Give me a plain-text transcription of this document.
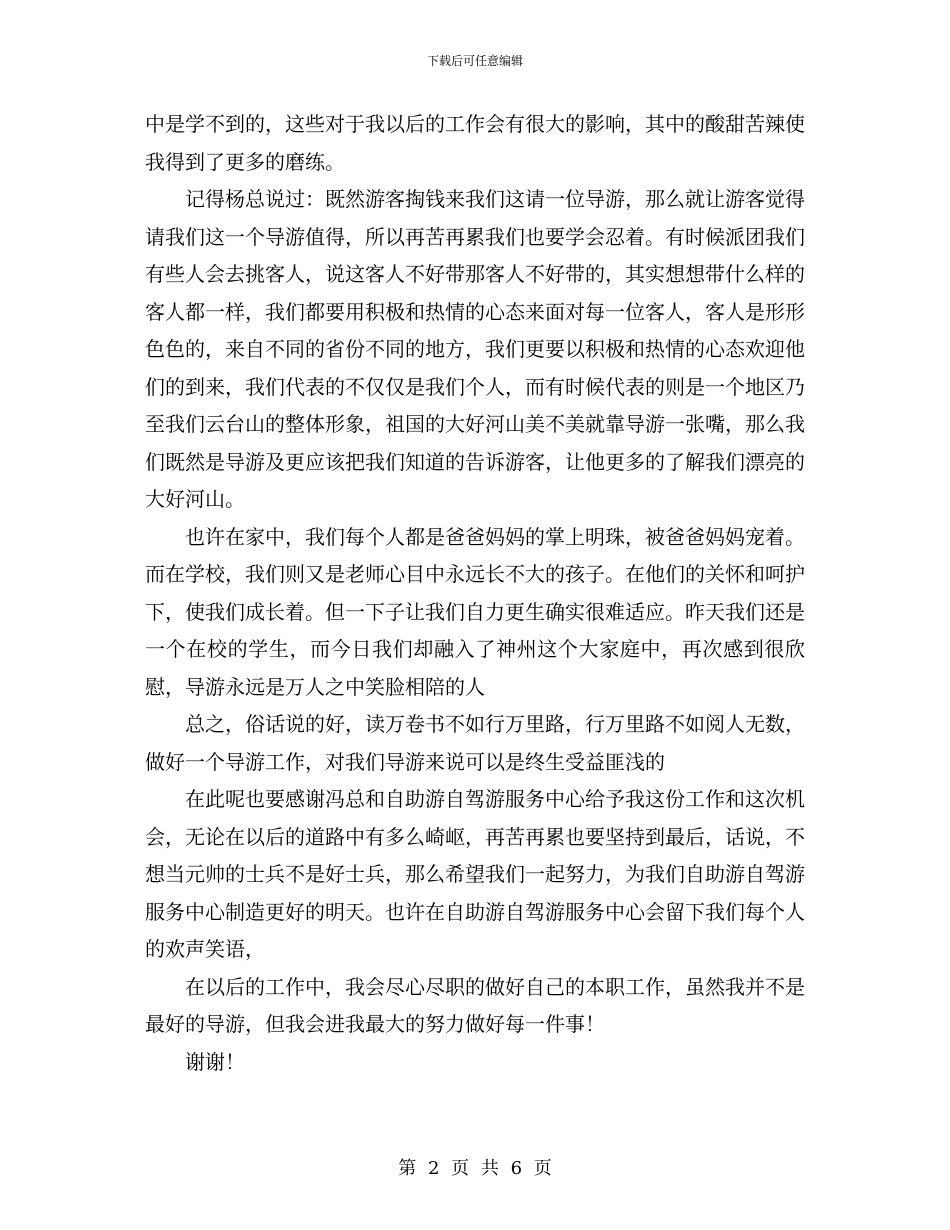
下载后可任意编辑

中是学不到的，这些对于我以后的工作会有很大的影响，其中的酸甜苦辣使我得到了更多的磨练。

记得杨总说过：既然游客掏钱来我们这请一位导游，那么就让游客觉得请我们这一个导游值得，所以再苦再累我们也要学会忍着。有时候派团我们有些人会去挑客人，说这客人不好带那客人不好带的，其实想想带什么样的客人都一样，我们都要用积极和热情的心态来面对每一位客人，客人是形形色色的，来自不同的省份不同的地方，我们更要以积极和热情的心态欢迎他们的到来，我们代表的不仅仅是我们个人，而有时候代表的则是一个地区乃至我们云台山的整体形象，祖国的大好河山美不美就靠导游一张嘴，那么我们既然是导游及更应该把我们知道的告诉游客，让他更多的了解我们漂亮的大好河山。

也许在家中，我们每个人都是爸爸妈妈的掌上明珠，被爸爸妈妈宠着。而在学校，我们则又是老师心目中永远长不大的孩子。在他们的关怀和呵护下，使我们成长着。但一下子让我们自力更生确实很难适应。昨天我们还是一个在校的学生，而今日我们却融入了神州这个大家庭中，再次感到很欣慰，导游永远是万人之中笑脸相陪的人

总之，俗话说的好，读万卷书不如行万里路，行万里路不如阅人无数，做好一个导游工作，对我们导游来说可以是终生受益匪浅的

在此呢也要感谢冯总和自助游自驾游服务中心给予我这份工作和这次机会，无论在以后的道路中有多么崎岖，再苦再累也要坚持到最后，话说，不想当元帅的士兵不是好士兵，那么希望我们一起努力，为我们自助游自驾游服务中心制造更好的明天。也许在自助游自驾游服务中心会留下我们每个人的欢声笑语，

在以后的工作中，我会尽心尽职的做好自己的本职工作，虽然我并不是最好的导游，但我会进我最大的努力做好每一件事！

谢谢！

第 2 页 共 6 页
